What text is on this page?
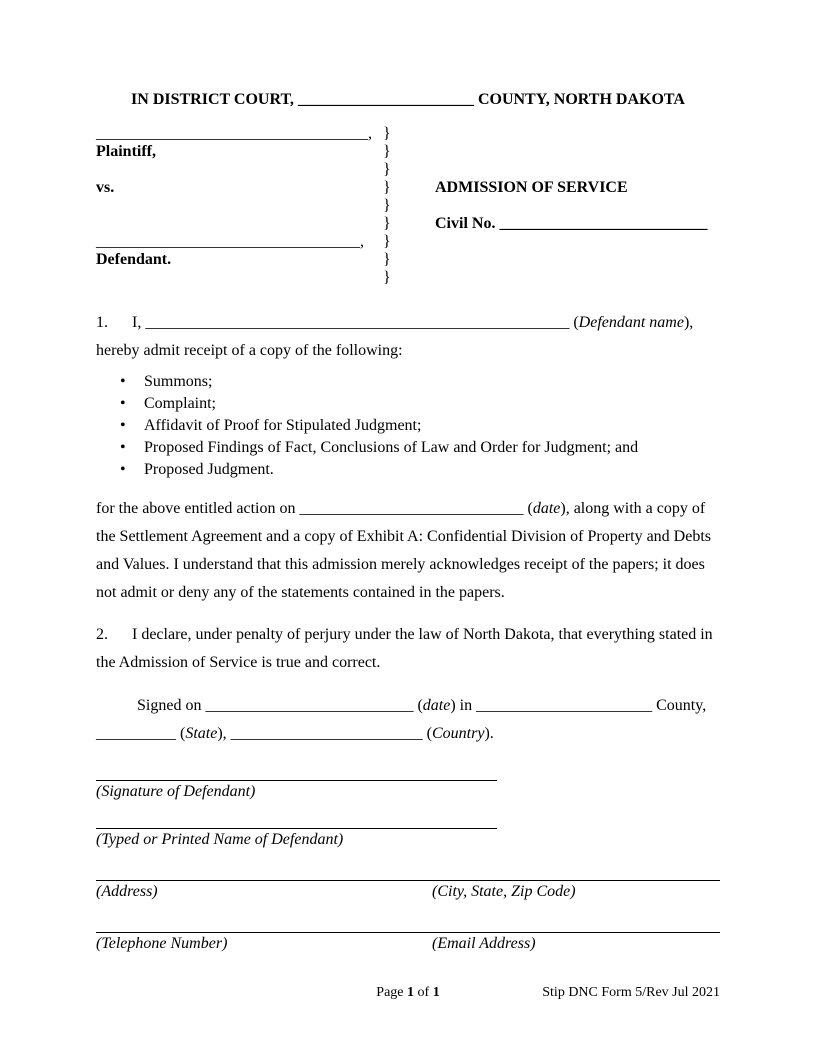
IN DISTRICT COURT, ______________________ COUNTY, NORTH DAKOTA
__________________________________,
Plaintiff,
vs.
_________________________________,
Defendant.
}
}
}
}
}
}
}
}
}
ADMISSION OF SERVICE
Civil No. __________________________

1. I, _____________________________________________________ (Defendant name), hereby admit receipt of a copy of the following:

• Summons;
• Complaint;
• Affidavit of Proof for Stipulated Judgment;
• Proposed Findings of Fact, Conclusions of Law and Order for Judgment; and
• Proposed Judgment.

for the above entitled action on ____________________________ (date), along with a copy of the Settlement Agreement and a copy of Exhibit A: Confidential Division of Property and Debts and Values. I understand that this admission merely acknowledges receipt of the papers; it does not admit or deny any of the statements contained in the papers.

2. I declare, under penalty of perjury under the law of North Dakota, that everything stated in the Admission of Service is true and correct.

Signed on __________________________ (date) in ______________________ County, __________ (State), ________________________ (Country).

(Signature of Defendant)
(Typed or Printed Name of Defendant)
(Address)	(City, State, Zip Code)
(Telephone Number)	(Email Address)
Page 1 of 1	Stip DNC Form 5/Rev Jul 2021
